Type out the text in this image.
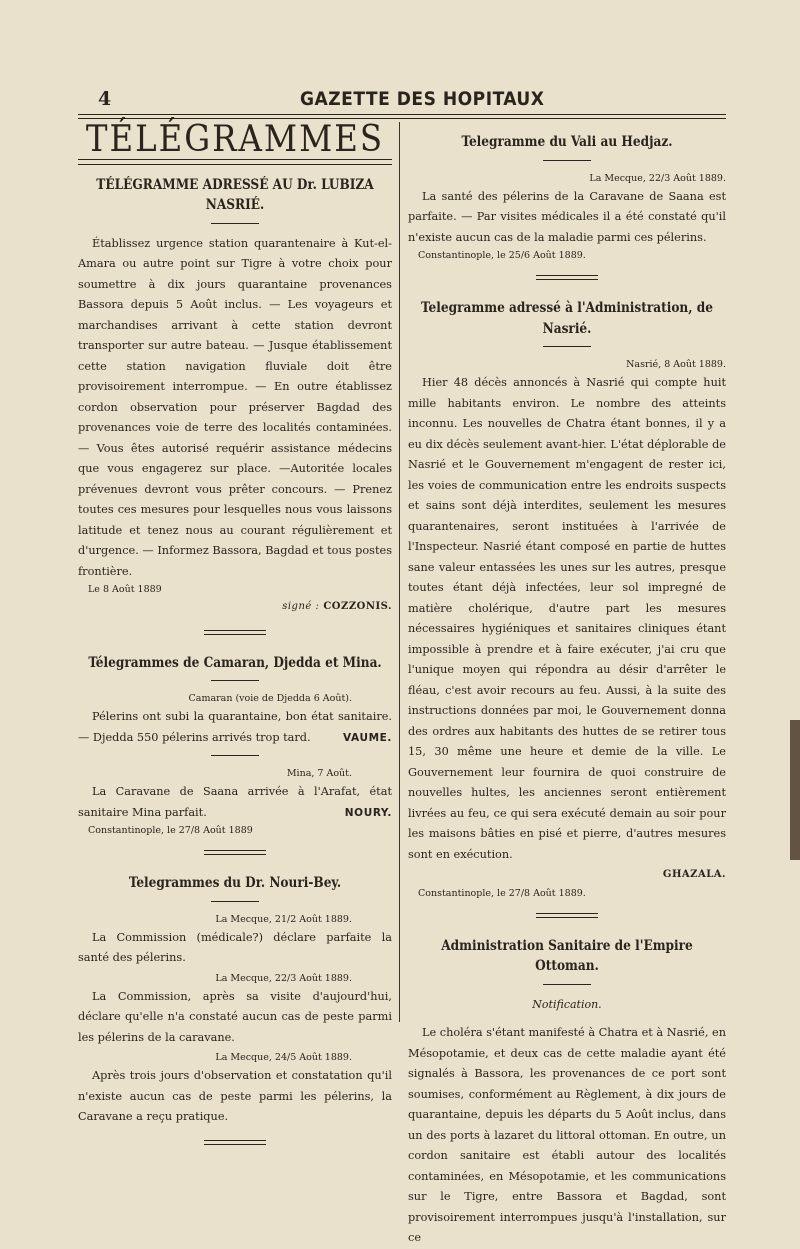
4	GAZETTE DES HOPITAUX
TÉLÉGRAMMES
TÉLÉGRAMME ADRESSÉ AU Dr. LUBIZA NASRIÉ.

Établissez urgence station quarantenaire à Kut-el-Amara ou autre point sur Tigre à votre choix pour soumettre à dix jours quarantaine provenances Bassora depuis 5 Août inclus. — Les voyageurs et marchandises arrivant à cette station devront transporter sur autre bateau. — Jusque établissement cette station navigation fluviale doit être provisoirement interrompue. — En outre établissez cordon observation pour préserver Bagdad des provenances voie de terre des localités contaminées. — Vous êtes autorisé requérir assistance médecins que vous engagerez sur place. —Autoritée locales prévenues devront vous prêter concours. — Prenez toutes ces mesures pour lesquelles nous vous laissons latitude et tenez nous au courant régulièrement et d'urgence. — Informez Bassora, Bagdad et tous postes frontière.

Le 8 Août 1889

signé :
COZZONIS.
Télegrammes de Camaran, Djedda et Mina.
Camaran (voie de Djedda 6 Août).

Pélerins ont subi la quarantaine, bon état sanitaire. — Djedda 550 pélerins arrivés trop tard.	VAUME.

Mina, 7 Août.

La Caravane de Saana arrivée à l'Arafat, état sanitaire Mina parfait.	NOURY.

Constantinople, le 27/8 Août 1889

Telegrammes du Dr. Nouri-Bey.
La Mecque, 21/2 Août 1889.

La Commission (médicale?) déclare parfaite la santé des pélerins.

La Mecque, 22/3 Août 1889.

La Commission, après sa visite d'aujourd'hui, déclare qu'elle n'a constaté aucun cas de peste parmi les pélerins de la caravane.

La Mecque, 24/5 Août 1889.

Après trois jours d'observation et constatation qu'il n'existe aucun cas de peste parmi les pélerins, la Caravane a reçu pratique.

Telegramme du Vali au Hedjaz.
La Mecque, 22/3 Août 1889.

La santé des pélerins de la Caravane de Saana est parfaite. — Par visites médicales il a été constaté qu'il n'existe aucun cas de la maladie parmi ces pélerins.

Constantinople, le 25/6 Août 1889.

Telegramme adressé à l'Administration, de Nasrié.
Nasrié, 8 Août 1889.

Hier 48 décès annoncés à Nasrié qui compte huit mille habitants environ. Le nombre des atteints inconnu. Les nouvelles de Chatra étant bonnes, il y a eu dix décès seulement avant-hier. L'état déplorable de Nasrié et le Gouvernement m'engagent de rester ici, les voies de communication entre les endroits suspects et sains sont déjà interdites, seulement les mesures quarantenaires, seront instituées à l'arrivée de l'Inspecteur. Nasrié étant composé en partie de huttes sane valeur entassées les unes sur les autres, presque toutes étant déjà infectées, leur sol impregné de matière cholérique, d'autre part les mesures nécessaires hygiéniques et sanitaires cliniques étant impossible à prendre et à faire exécuter, j'ai cru que l'unique moyen qui répondra au désir d'arrêter le fléau, c'est avoir recours au feu. Aussi, à la suite des instructions données par moi, le Gouvernement donna des ordres aux habitants des huttes de se retirer tous 15, 30 même une heure et demie de la ville. Le Gouvernement leur fournira de quoi construire de nouvelles hultes, les anciennes seront entièrement livrées au feu, ce qui sera exécuté demain au soir pour les maisons bâties en pisé et pierre, d'autres mesures sont en exécution.

GHAZALA.

Constantinople, le 27/8 Août 1889.

Administration Sanitaire de l'Empire Ottoman.
Notification.

Le choléra s'étant manifesté à Chatra et à Nasrié, en Mésopotamie, et deux cas de cette maladie ayant été signalés à Bassora, les provenances de ce port sont soumises, conformément au Règlement, à dix jours de quarantaine, depuis les départs du 5 Août inclus, dans un des ports à lazaret du littoral ottoman. En outre, un cordon sanitaire est établi autour des localités contaminées, en Mésopotamie, et les communications sur le Tigre, entre Bassora et Bagdad, sont provisoirement interrompues jusqu'à l'installation, sur ce
